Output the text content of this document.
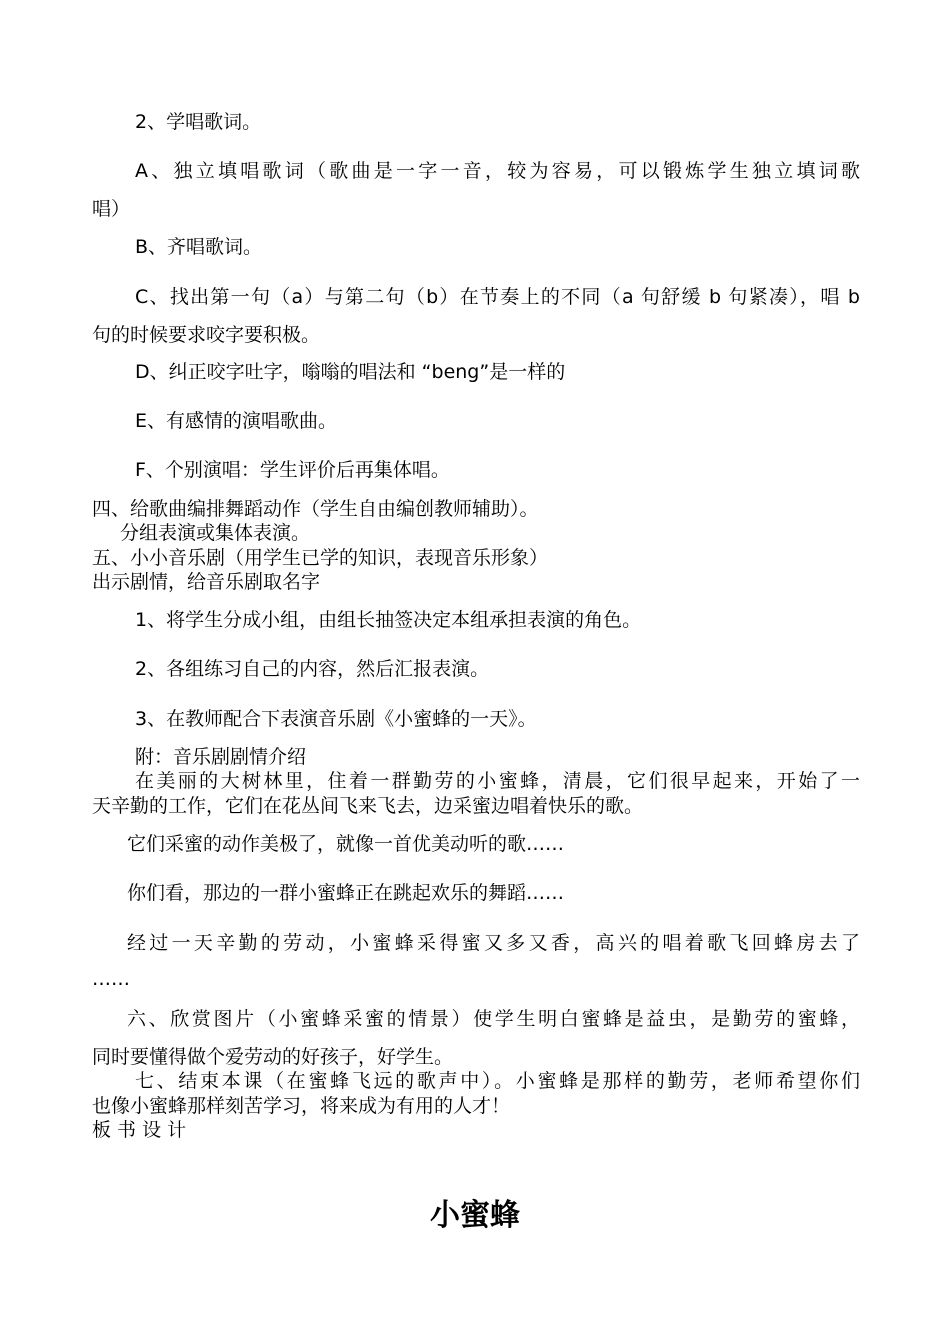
2、学唱歌词。

A、独立填唱歌词（歌曲是一字一音，较为容易，可以锻炼学生独立填词歌

唱）

B、齐唱歌词。

C、找出第一句（a）与第二句（b）在节奏上的不同（a 句舒缓 b 句紧凑），唱 b

句的时候要求咬字要积极。

D、纠正咬字吐字，嗡嗡的唱法和 “beng”是一样的

E、有感情的演唱歌曲。

F、个别演唱：学生评价后再集体唱。

四、给歌曲编排舞蹈动作（学生自由编创教师辅助）。

分组表演或集体表演。

五、小小音乐剧（用学生已学的知识，表现音乐形象）

出示剧情，给音乐剧取名字

1、将学生分成小组，由组长抽签决定本组承担表演的角色。

2、各组练习自己的内容，然后汇报表演。

3、在教师配合下表演音乐剧《小蜜蜂的一天》。

附：音乐剧剧情介绍

在美丽的大树林里，住着一群勤劳的小蜜蜂，清晨，它们很早起来，开始了一

天辛勤的工作，它们在花丛间飞来飞去，边采蜜边唱着快乐的歌。

它们采蜜的动作美极了，就像一首优美动听的歌……

你们看，那边的一群小蜜蜂正在跳起欢乐的舞蹈……

经过一天辛勤的劳动，小蜜蜂采得蜜又多又香，高兴的唱着歌飞回蜂房去了

……

六、欣赏图片（小蜜蜂采蜜的情景）使学生明白蜜蜂是益虫，是勤劳的蜜蜂，

同时要懂得做个爱劳动的好孩子，好学生。

七、结束本课（在蜜蜂飞远的歌声中）。小蜜蜂是那样的勤劳，老师希望你们

也像小蜜蜂那样刻苦学习，将来成为有用的人才！

板 书 设 计

小蜜蜂
